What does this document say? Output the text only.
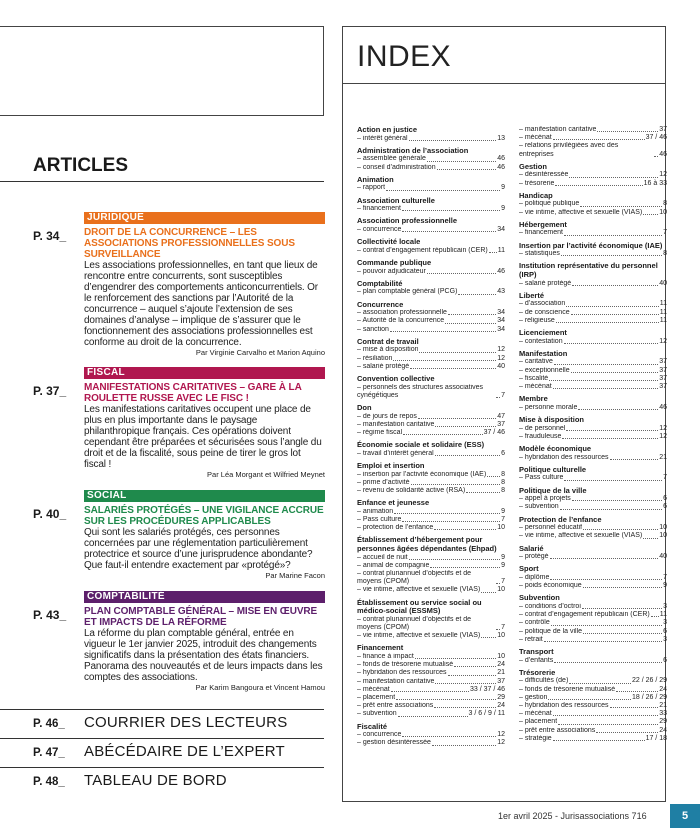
ARTICLES
P. 34_
JURIDIQUE

DROIT DE LA CONCURRENCE – LES ASSOCIATIONS PROFESSIONNELLES SOUS SURVEILLANCE

Les associations professionnelles, en tant que lieux de rencontre entre concurrents, sont susceptibles d’engendrer des comportements anticoncurrentiels. Or le renforcement des sanctions par l’Autorité de la concurrence – auquel s’ajoute l’extension de ses domaines d’analyse – implique de s’assurer que le fonctionnement des associations professionnelles est conforme au droit de la concurrence.

Par Virginie Carvalho et Marion Aquino
P. 37_
FISCAL

MANIFESTATIONS CARITATIVES – GARE À LA ROULETTE RUSSE AVEC LE FISC !

Les manifestations caritatives occupent une place de plus en plus importante dans le paysage philanthropique français. Ces opérations doivent cependant être préparées et sécurisées sous l’angle du droit et de la fiscalité, sous peine de tirer le gros lot fiscal !

Par Léa Morgant et Wilfried Meynet
P. 40_
SOCIAL

SALARIÉS PROTÉGÉS – UNE VIGILANCE ACCRUE SUR LES PROCÉDURES APPLICABLES

Qui sont les salariés protégés, ces personnes concernées par une réglementation particulièrement protectrice et source d’une jurisprudence abondante? Que faut-il entendre exactement par «protégé»?

Par Marine Facon
P. 43_
COMPTABILITÉ

PLAN COMPTABLE GÉNÉRAL – MISE EN ŒUVRE ET IMPACTS DE LA RÉFORME

La réforme du plan comptable général, entrée en vigueur le 1er janvier 2025, introduit des changements significatifs dans la présentation des états financiers. Panorama des nouveautés et de leurs impacts dans les comptes des associations.

Par Karim Bangoura et Vincent Hamou
P. 46_ COURRIER DES LECTEURS
P. 47_ ABÉCÉDAIRE DE L’EXPERT
P. 48_ TABLEAU DE BORD
INDEX
Action en justice
– intérêt général	13
Administration de l’association
– assemblée générale	46
– conseil d’administration	46
Animation
– rapport	9
Association culturelle
– financement	9
Association professionnelle
– concurrence	34
Collectivité locale
– contrat d’engagement républicain (CER) 11
Commande publique
– pouvoir adjudicateur	46
Comptabilité
– plan comptable général (PCG)	43
Concurrence
– association professionnelle	34
– Autorité de la concurrence	34
– sanction	34
Contrat de travail
– mise à disposition	12
– résiliation	12
– salarié protégé	40
Convention collective
– personnels des structures associatives cynégétiques	7
Don
– de jours de repos	47
– manifestation caritative	37
– régime fiscal	37 / 46
Économie sociale et solidaire (ESS)
– travail d’intérêt général	6
Emploi et insertion
– insertion par l’activité économique (IAE) 8
– prime d’activité	8
– revenu de solidarité active (RSA)	8
Enfance et jeunesse
– animation	9
– Pass culture	7
– protection de l’enfance	10
Établissement d’hébergement pour personnes âgées dépendantes (Ehpad)
– accueil de nuit	9
– animal de compagnie	9
– contrat pluriannuel d’objectifs et de moyens (CPOM)	7
– vie intime, affective et sexuelle (VIAS) 10
Établissement ou service social ou médico-social (ESSMS)
– contrat pluriannuel d’objectifs et de moyens (CPOM)	7
– vie intime, affective et sexuelle (VIAS) 10
Financement
– finance à impact	10
– fonds de trésorerie mutualisé	24
– hybridation des ressources	21
– manifestation caritative	37
– mécénat	33 / 37 / 46
– placement	29
– prêt entre associations	24
– subvention	3 / 6 / 9 / 11
Fiscalité
– concurrence	12
– gestion désintéressée	12
– manifestation caritative	37
– mécénat	37 / 46
– relations privilégiées avec des entreprises	46
Gestion
– désintéressée	12
– trésorerie	16 à 33
Handicap
– politique publique	8
– vie intime, affective et sexuelle (VIAS) 10
Hébergement
– financement	7
Insertion par l’activité économique (IAE)
– statistiques	8
Institution représentative du personnel (IRP)
– salarié protégé	40
Liberté
– d’association	11
– de conscience	11
– religieuse	11
Licenciement
– contestation	12
Manifestation
– caritative	37
– exceptionnelle	37
– fiscalité	37
– mécénat	37
Membre
– personne morale	46
Mise à disposition
– de personnel	12
– frauduleuse	12
Modèle économique
– hybridation des ressources	21
Politique culturelle
– Pass culture	7
Politique de la ville
– appel à projets	6
– subvention	6
Protection de l’enfance
– personnel éducatif	10
– vie intime, affective et sexuelle (VIAS) 10
Salarié
– protégé	40
Sport
– diplôme	7
– poids économique	9
Subvention
– conditions d’octroi	3
– contrat d’engagement républicain (CER) 11
– contrôle	3
– politique de la ville	6
– retrait	3
Transport
– d’enfants	6
Trésorerie
– difficultés (de)	22 / 26 / 29
– fonds de trésorerie mutualisé	24
– gestion	18 / 26 / 29
– hybridation des ressources	21
– mécénat	33
– placement	29
– prêt entre associations	24
– stratégie	17 / 18
1er avril 2025 - Jurisassociations 716	5
